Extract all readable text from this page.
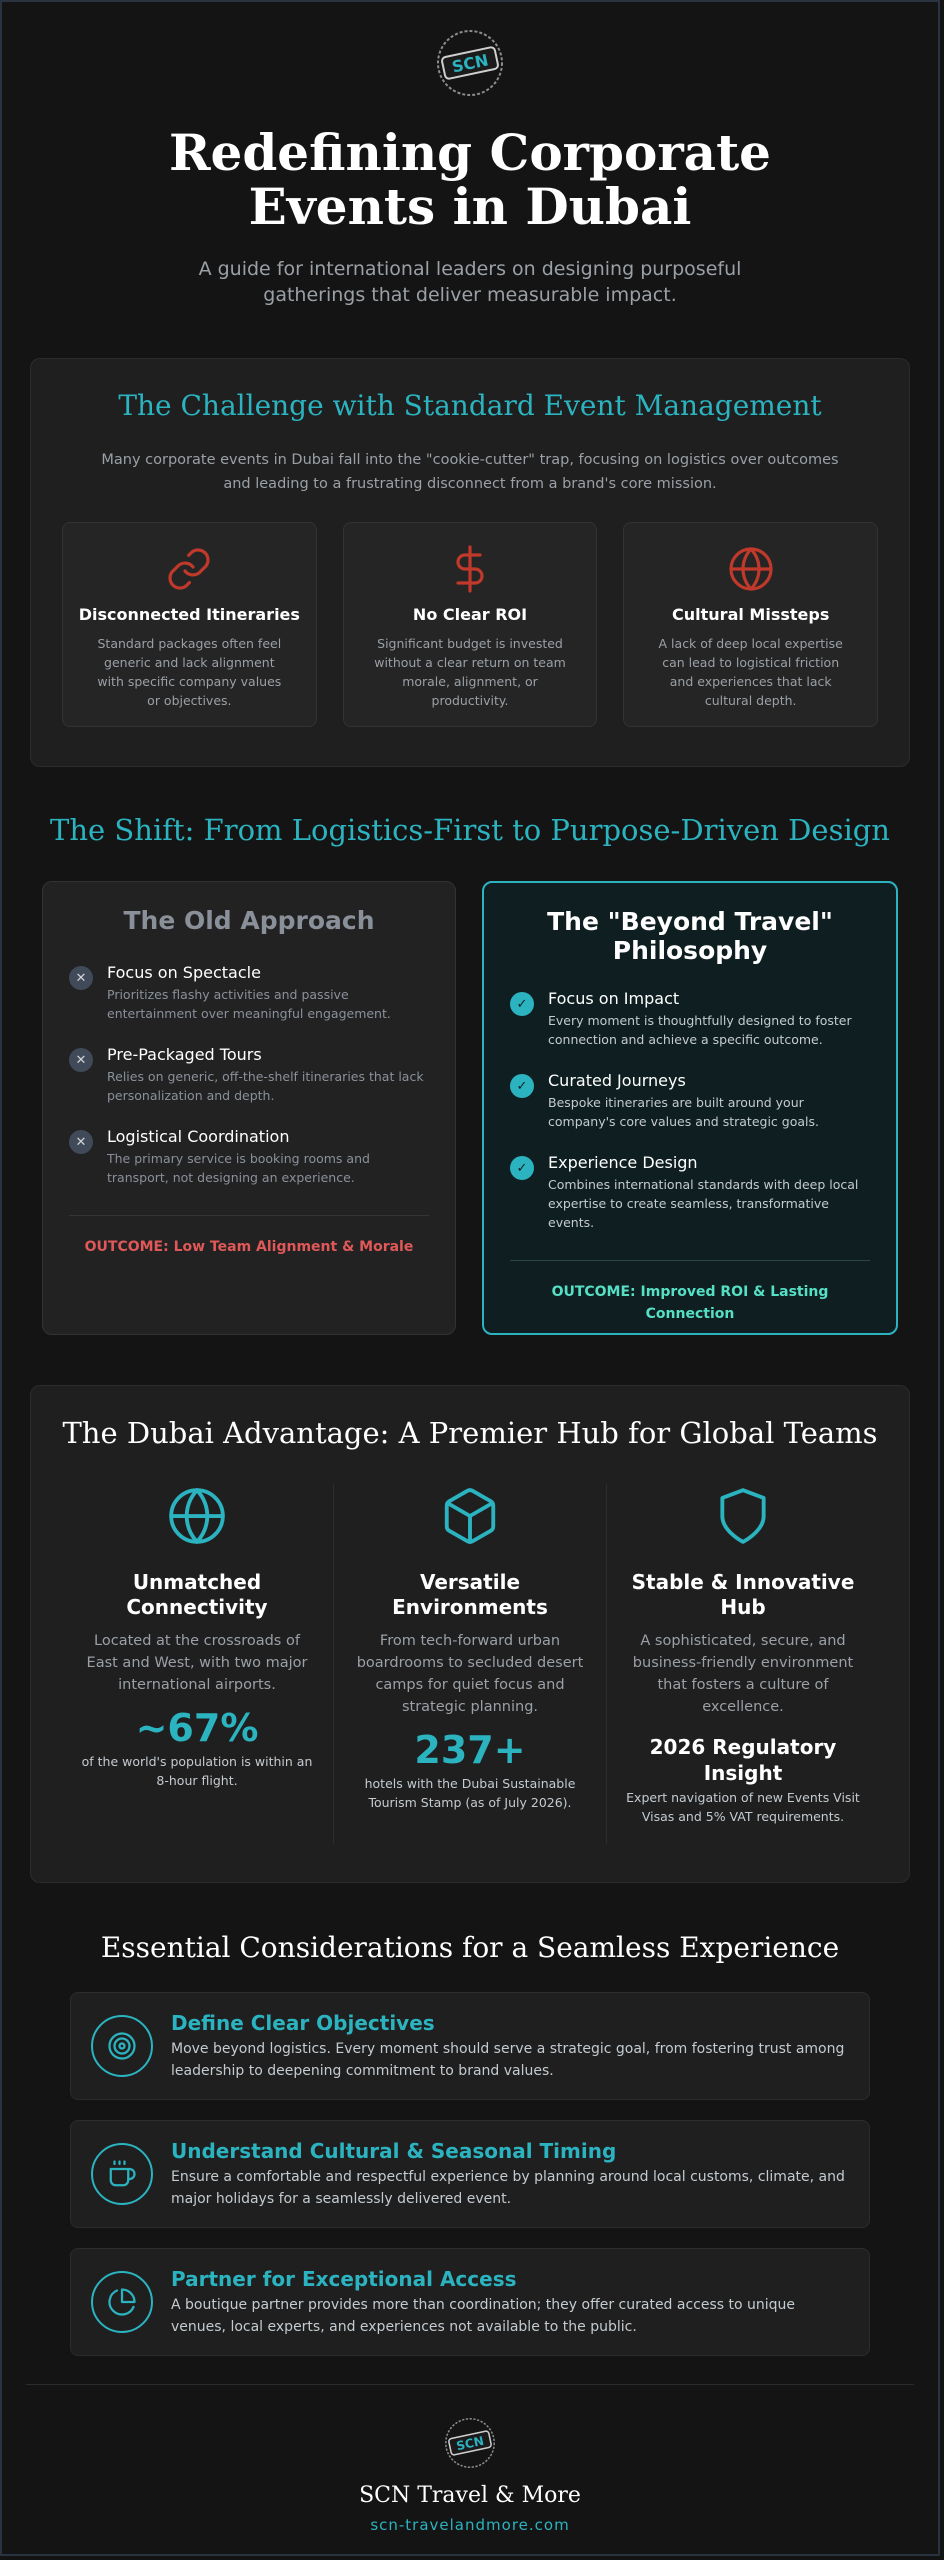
SCN
Redefining Corporate Events in Dubai
A guide for international leaders on designing purposeful gatherings that deliver measurable impact.
The Challenge with Standard Event Management
Many corporate events in Dubai fall into the "cookie-cutter" trap, focusing on logistics over outcomes and leading to a frustrating disconnect from a brand's core mission.
Disconnected Itineraries
Standard packages often feel generic and lack alignment with specific company values or objectives.
No Clear ROI
Significant budget is invested without a clear return on team morale, alignment, or productivity.
Cultural Missteps
A lack of deep local expertise can lead to logistical friction and experiences that lack cultural depth.
The Shift: From Logistics-First to Purpose-Driven Design
The Old Approach
✕	Focus on Spectacle
Prioritizes flashy activities and passive entertainment over meaningful engagement.
✕	Pre-Packaged Tours
Relies on generic, off-the-shelf itineraries that lack personalization and depth.
✕	Logistical Coordination
The primary service is booking rooms and transport, not designing an experience.
OUTCOME: Low Team Alignment & Morale
The "Beyond Travel" Philosophy
✓	Focus on Impact
Every moment is thoughtfully designed to foster connection and achieve a specific outcome.
✓	Curated Journeys
Bespoke itineraries are built around your company's core values and strategic goals.
✓	Experience Design
Combines international standards with deep local expertise to create seamless, transformative events.
OUTCOME: Improved ROI & Lasting Connection
The Dubai Advantage: A Premier Hub for Global Teams
Unmatched Connectivity
Located at the crossroads of East and West, with two major international airports.
~67%
of the world's population is within an 8-hour flight.
Versatile Environments
From tech-forward urban boardrooms to secluded desert camps for quiet focus and strategic planning.
237+
hotels with the Dubai Sustainable Tourism Stamp (as of July 2026).
Stable & Innovative Hub
A sophisticated, secure, and business-friendly environment that fosters a culture of excellence.
2026 Regulatory Insight
Expert navigation of new Events Visit Visas and 5% VAT requirements.
Essential Considerations for a Seamless Experience
Define Clear Objectives
Move beyond logistics. Every moment should serve a strategic goal, from fostering trust among leadership to deepening commitment to brand values.
Understand Cultural & Seasonal Timing
Ensure a comfortable and respectful experience by planning around local customs, climate, and major holidays for a seamlessly delivered event.
Partner for Exceptional Access
A boutique partner provides more than coordination; they offer curated access to unique venues, local experts, and experiences not available to the public.
SCN
SCN Travel & More
scn-travelandmore.com
